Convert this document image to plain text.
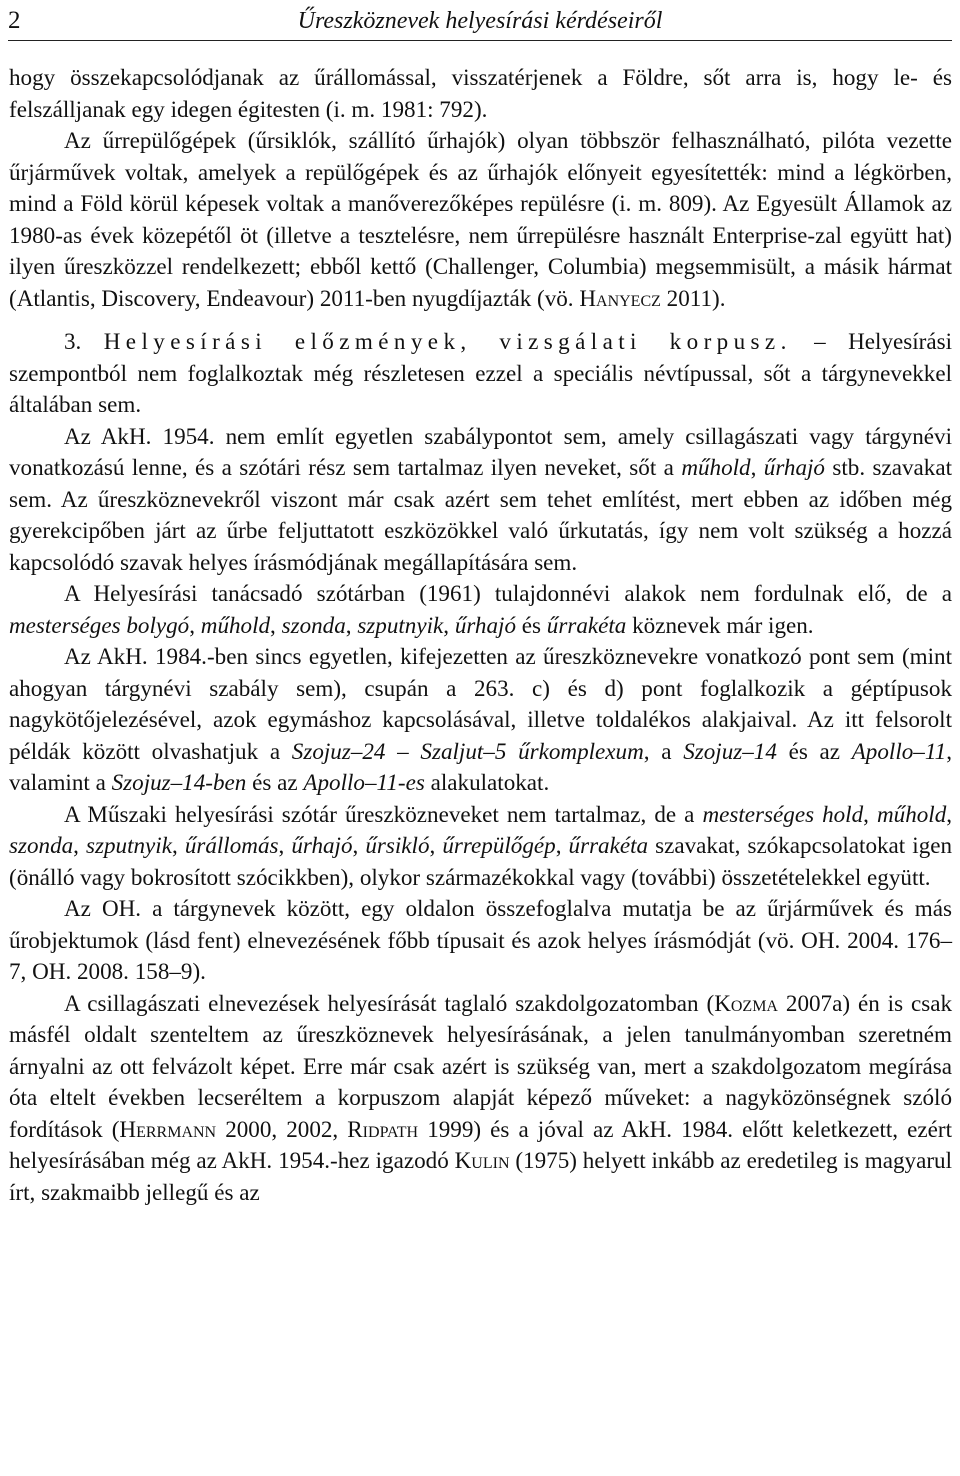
2	Űreszköznevek helyesírási kérdéseiről

hogy összekapcsolódjanak az űrállomással, visszatérjenek a Földre, sőt arra is, hogy le- és felszálljanak egy idegen égitesten (i. m. 1981: 792).

Az űrrepülőgépek (űrsiklók, szállító űrhajók) olyan többször felhasználható, pilóta vezette űrjárművek voltak, amelyek a repülőgépek és az űrhajók előnyeit egyesítették: mind a légkörben, mind a Föld körül képesek voltak a manőverezőképes repülésre (i. m. 809). Az Egyesült Államok az 1980-as évek közepétől öt (illetve a tesztelésre, nem űrrepülésre használt Enterprise-zal együtt hat) ilyen űreszközzel rendelkezett; ebből kettő (Challenger, Columbia) megsemmisült, a másik hármat (Atlantis, Discovery, Endeavour) 2011-ben nyugdíjazták (vö. Hanyecz 2011).

3. Helyesírási előzmények, vizsgálati korpusz. – Helyesírási szempontból nem foglalkoztak még részletesen ezzel a speciális névtípussal, sőt a tárgynevekkel általában sem.

Az AkH. 1954. nem említ egyetlen szabálypontot sem, amely csillagászati vagy tárgynévi vonatkozású lenne, és a szótári rész sem tartalmaz ilyen neveket, sőt a műhold, űrhajó stb. szavakat sem. Az űreszköznevekről viszont már csak azért sem tehet említést, mert ebben az időben még gyerekcipőben járt az űrbe feljuttatott eszközökkel való űrkutatás, így nem volt szükség a hozzá kapcsolódó szavak helyes írásmódjának megállapítására sem.

A Helyesírási tanácsadó szótárban (1961) tulajdonnévi alakok nem fordulnak elő, de a mesterséges bolygó, műhold, szonda, szputnyik, űrhajó és űrrakéta köznevek már igen.

Az AkH. 1984.-ben sincs egyetlen, kifejezetten az űreszköznevekre vonatkozó pont sem (mint ahogyan tárgynévi szabály sem), csupán a 263. c) és d) pont foglalkozik a géptípusok nagykötőjelezésével, azok egymáshoz kapcsolásával, illetve toldalékos alakjaival. Az itt felsorolt példák között olvashatjuk a Szojuz–24 – Szaljut–5 űrkomplexum, a Szojuz–14 és az Apollo–11, valamint a Szojuz–14-ben és az Apollo–11-es alakulatokat.

A Műszaki helyesírási szótár űreszközneveket nem tartalmaz, de a mesterséges hold, műhold, szonda, szputnyik, űrállomás, űrhajó, űrsikló, űrrepülőgép, űrrakéta szavakat, szókapcsolatokat igen (önálló vagy bokrosított szócikkben), olykor származékokkal vagy (további) összetételekkel együtt.

Az OH. a tárgynevek között, egy oldalon összefoglalva mutatja be az űrjárművek és más űrobjektumok (lásd fent) elnevezésének főbb típusait és azok helyes írásmódját (vö. OH. 2004. 176–7, OH. 2008. 158–9).

A csillagászati elnevezések helyesírását taglaló szakdolgozatomban (Kozma 2007a) én is csak másfél oldalt szenteltem az űreszköznevek helyesírásának, a jelen tanulmányomban szeretném árnyalni az ott felvázolt képet. Erre már csak azért is szükség van, mert a szakdolgozatom megírása óta eltelt években lecseréltem a korpuszom alapját képező műveket: a nagyközönségnek szóló fordítások (Herrmann 2000, 2002, Ridpath 1999) és a jóval az AkH. 1984. előtt keletkezett, ezért helyesírásában még az AkH. 1954.-hez igazodó Kulin (1975) helyett inkább az eredetileg is magyarul írt, szakmaibb jellegű és az
